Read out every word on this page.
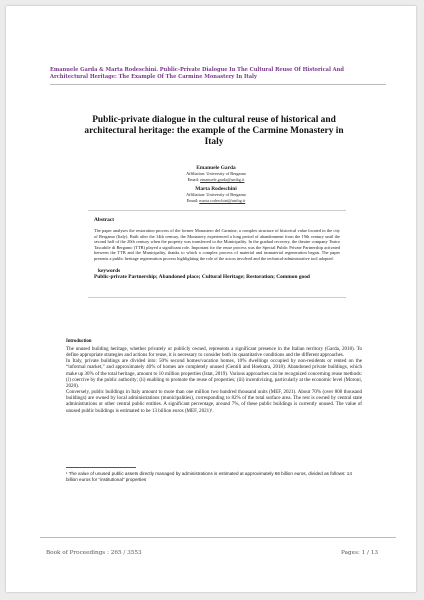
Emanuele Garda & Marta Rodeschini. Public-Private Dialogue In The Cultural Reuse Of Historical And Architectural Heritage: The Example Of The Carmine Monastery In Italy
Public-private dialogue in the cultural reuse of historical and architectural heritage: the example of the Carmine Monastery in Italy
Emanuele Garda
Affiliation: University of Bergamo
Email: emanuele.garda@unibg.it
Marta Rodeschini
Affiliation: University of Bergamo
Email: marta.rodeschini@unibg.it
Abstract
The paper analyses the restoration process of the former Monastero del Carmine, a complex structure of historical value located in the city of Bergamo (Italy). Built after the 14th century, the Monastery experienced a long period of abandonment from the 19th century until the second half of the 20th century when the property was transferred to the Municipality. In the gradual recovery, the theatre company Teatro Tascabile di Bergamo (TTB) played a significant role. Important for the reuse process was the Special Public Private Partnership activated between the TTB and the Municipality, thanks to which a complex process of material and immaterial regeneration began. The paper presents a public heritage regeneration process highlighting the role of the actors involved and the technical-administrative tool adopted.
keywords
Public-private Partnership; Abandoned place; Cultural Heritage; Restoration; Common good
Introduction

The unused building heritage, whether privately or publicly owned, represents a significant presence in the Italian territory (Garda, 2018). To define appropriate strategies and actions for reuse, it is necessary to consider both its quantitative conditions and the different approaches.

In Italy, private buildings are divided into: 50% second homes/vacation homes, 10% dwellings occupied by non-residents or rented on the “informal market,” and approximately 40% of homes are completely unused (Gentili and Hoekstra, 2018). Abandoned private buildings, which make up 30% of the total heritage, amount to 10 million properties (Istat, 2019). Various approaches can be recognized concerning reuse methods: (i) coercive by the public authority; (ii) enabling to promote the reuse of properties; (iii) incentivizing, particularly at the economic level (Moroni, 2020).

Conversely, public buildings in Italy amount to more than one million two hundred thousand units (MEF, 2021). About 70% (over 800 thousand buildings) are owned by local administrations (municipalities), corresponding to 82% of the total surface area. The rest is owned by central state administrations or other central public entities. A significant percentage, around 7%, of these public buildings is currently unused. The value of unused public buildings is estimated to be 13 billion euros (MEF, 2021)¹.

¹ The value of unused public assets directly managed by administrations is estimated at approximately 66 billion euros, divided as follows: 14 billion euros for “institutional” properties
Book of Proceedings : 265 / 3553	Pages: 1 / 13
